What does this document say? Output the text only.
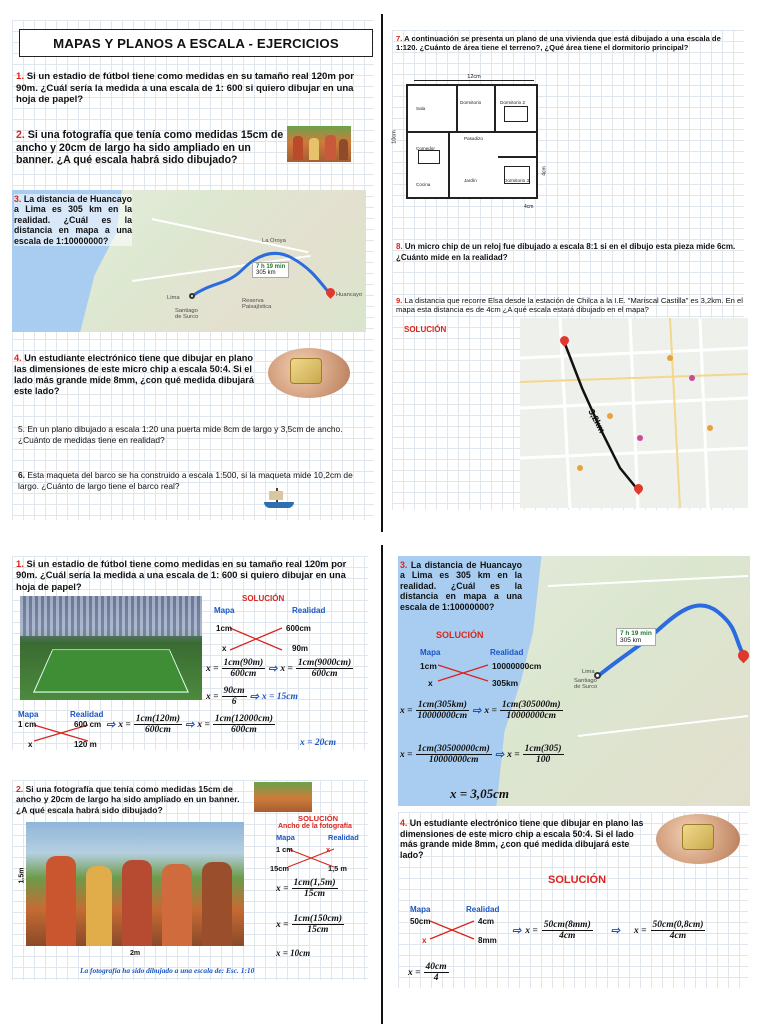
MAPAS Y PLANOS A ESCALA - EJERCICIOS
1. Si un estadio de fútbol tiene como medidas en su tamaño real 120m por 90m. ¿Cuál sería la medida a una escala de 1: 600 si quiero dibujar en una hoja de papel?
2. Si una fotografía que tenía como medidas 15cm de ancho y 20cm de largo ha sido ampliado en un banner. ¿A qué escala habrá sido dibujado?
7 h 19 min
305 km
Huancayo
Lima
Santiago de Surco
La Oroya
Reserva Paisajística
3. La distancia de Huancayo a Lima es 305 km en la realidad. ¿Cuál es la distancia en mapa a una escala de 1:10000000?
4. Un estudiante electrónico tiene que dibujar en plano las dimensiones de este micro chip a escala 50:4. Si el lado más grande mide 8mm, ¿con qué medida dibujará este lado?
5. En un plano dibujado a escala 1:20 una puerta mide 8cm de largo y 3,5cm de ancho. ¿Cuánto de medidas tiene en realidad?
6. Esta maqueta del barco se ha construido a escala 1:500, si la maqueta mide 10,2cm de largo. ¿Cuánto de largo tiene el barco real?
7. A continuación se presenta un plano de una vivienda que está dibujado a una escala de 1:120. ¿Cuánto de área tiene el terreno?, ¿Qué área tiene el dormitorio principal?
12cm
10cm
Dormitorio	Dormitorio 2
Pasadizo
Sala
Comedor
Cocina
Jardín	Dormitorio 3
4cm
4cm
8. Un micro chip de un reloj fue dibujado a escala 8:1 si en el dibujo esta pieza mide 6cm. ¿Cuánto mide en la realidad?
9. La distancia que recorre Elsa desde la estación de Chilca a la I.E. "Mariscal Castilla" es 3,2km. En el mapa esta distancia es de 4cm ¿A qué escala estará dibujado en el mapa?
SOLUCIÓN
3,2km
1. Si un estadio de fútbol tiene como medidas en su tamaño real 120m por 90m. ¿Cuál sería la medida a una escala de 1: 600 si quiero dibujar en una hoja de papel?
SOLUCIÓN
Mapa	Realidad
1cm	600cm
x	90m
$x = \frac{1cm(90m)}{600cm}$ ⇨ $x = \frac{1cm(9000cm)}{600cm}$
$x = \frac{90cm}{6}$ ⇨ x = 15cm
Mapa	Realidad
1 cm	600 cm
x	120 m
⇨ $x = \frac{1cm(120m)}{600cm}$ ⇨ $x = \frac{1cm(12000cm)}{600cm}$
x = 20cm
2. Si una fotografía que tenía como medidas 15cm de ancho y 20cm de largo ha sido ampliado en un banner. ¿A qué escala habrá sido dibujado?
1.5m
2m
SOLUCIÓN
Ancho de la fotografía
Mapa	Realidad
1 cm	x
15cm	1,5 m
$x = \frac{1cm(1,5m)}{15cm}$
$x = \frac{1cm(150cm)}{15cm}$
x = 10cm
La fotografía ha sido dibujado a una escala de: Esc. 1:10
7 h 19 min
305 km
Lima
Santiago de Surco
3. La distancia de Huancayo a Lima es 305 km en la realidad. ¿Cuál es la distancia en mapa a una escala de 1:10000000?
SOLUCIÓN
Mapa	Realidad
1cm	10000000cm
x	305km
$x = \frac{1cm(305km)}{10000000cm}$ ⇨ $x = \frac{1cm(305000m)}{10000000cm}$
$x = \frac{1cm(30500000cm)}{10000000cm}$ ⇨ $x = \frac{1cm(305)}{100}$
x = 3,05cm
4. Un estudiante electrónico tiene que dibujar en plano las dimensiones de este micro chip a escala 50:4. Si el lado más grande mide 8mm, ¿con qué medida dibujará este lado?
SOLUCIÓN
Mapa	Realidad
50cm	4cm
x	8mm
⇨ $x = \frac{50cm(8mm)}{4cm}$ ⇨ $x = \frac{50cm(0,8cm)}{4cm}$
$x = \frac{40cm}{4}$
